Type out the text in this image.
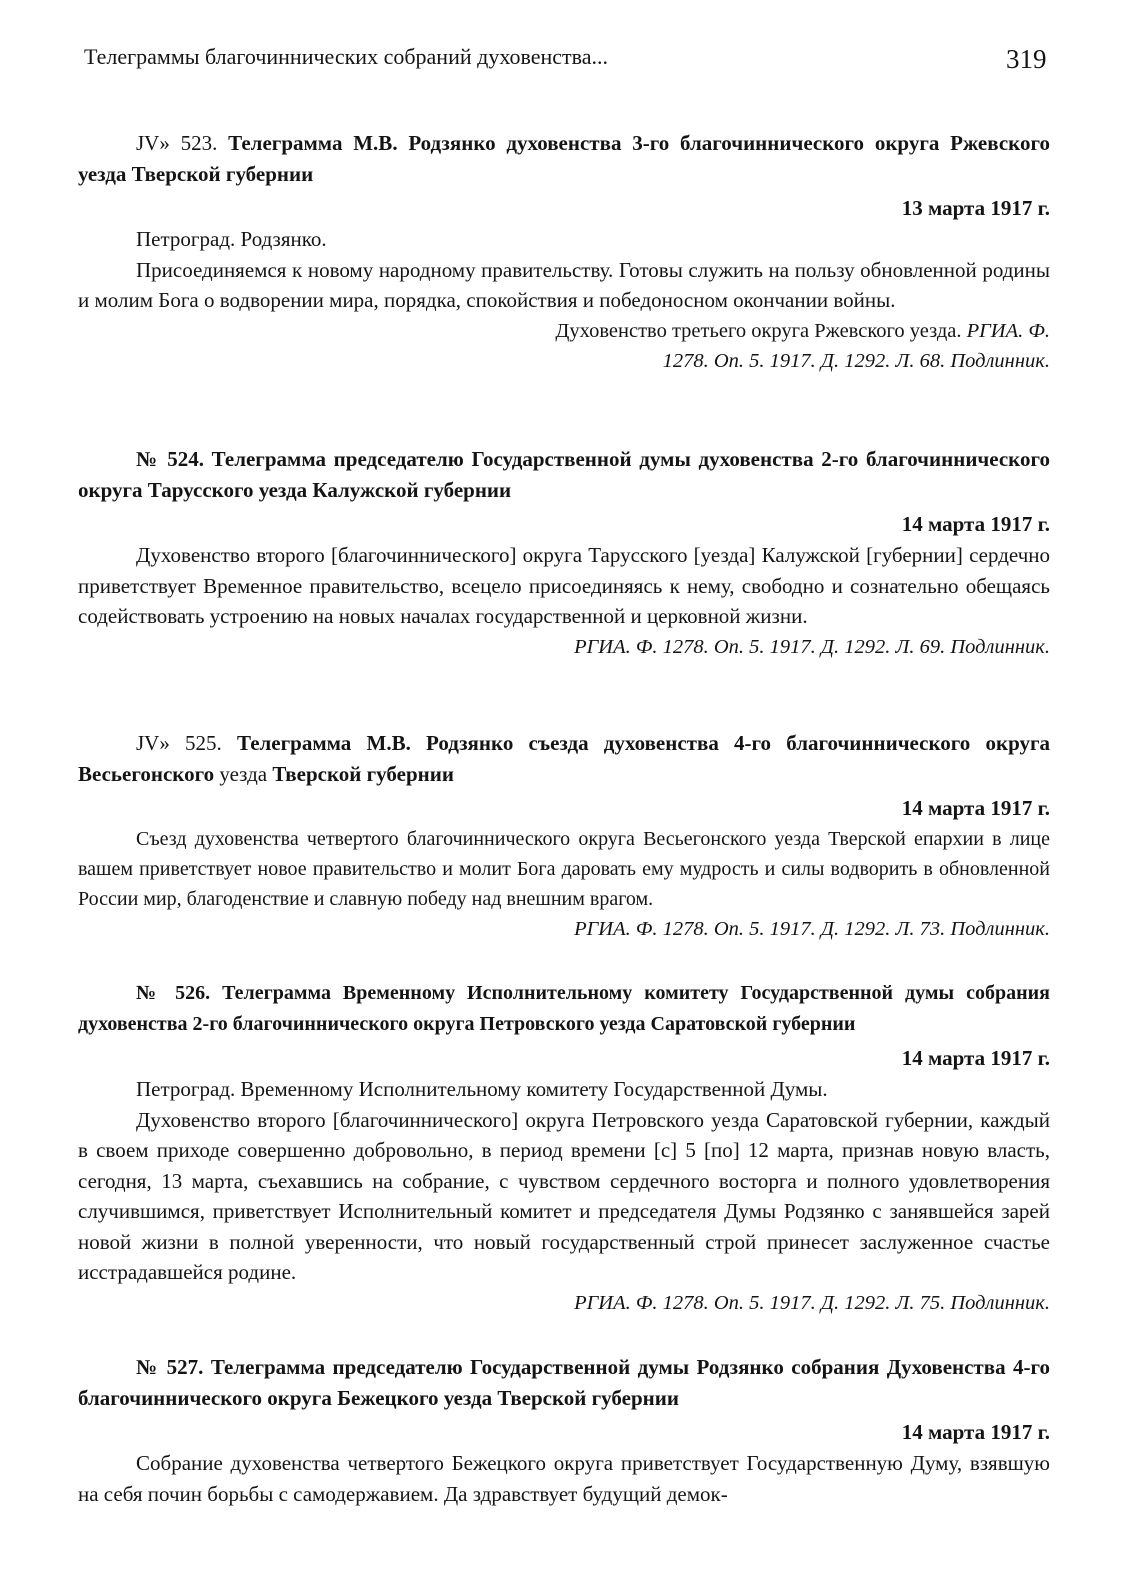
Телеграммы благочиннических собраний духовенства...	319

JV» 523. Телеграмма М.В. Родзянко духовенства 3-го благочиннического округа Ржевского уезда Тверской губернии

13 марта 1917 г.

Петроград. Родзянко.

Присоединяемся к новому народному правительству. Готовы служить на пользу обновленной родины и молим Бога о водворении мира, порядка, спокойствия и победоносном окончании войны.

Духовенство третьего округа Ржевского уезда. РГИА. Ф.

1278. Оп. 5. 1917. Д. 1292. Л. 68. Подлинник.

№ 524. Телеграмма председателю Государственной думы духовенства 2-го благочиннического округа Тарусского уезда Калужской губернии

14 марта 1917 г.

Духовенство второго [благочиннического] округа Тарусского [уезда] Калужской [губернии] сердечно приветствует Временное правительство, всецело присоединяясь к нему, свободно и сознательно обещаясь содействовать устроению на новых началах государственной и церковной жизни.

РГИА. Ф. 1278. Оп. 5. 1917. Д. 1292. Л. 69. Подлинник.

JV» 525. Телеграмма М.В. Родзянко съезда духовенства 4-го благочиннического округа Весьегонского уезда Тверской губернии

14 марта 1917 г.

Съезд духовенства четвертого благочиннического округа Весьегонского уезда Тверской епархии в лице вашем приветствует новое правительство и молит Бога даровать ему мудрость и силы водворить в обновленной России мир, благоденствие и славную победу над внешним врагом.

РГИА. Ф. 1278. Оп. 5. 1917. Д. 1292. Л. 73. Подлинник.

№ 526. Телеграмма Временному Исполнительному комитету Государственной думы собрания духовенства 2-го благочиннического округа Петровского уезда Саратовской губернии

14 марта 1917 г.

Петроград. Временному Исполнительному комитету Государственной Думы.

Духовенство второго [благочиннического] округа Петровского уезда Саратовской губернии, каждый в своем приходе совершенно добровольно, в период времени [с] 5 [по] 12 марта, признав новую власть, сегодня, 13 марта, съехавшись на собрание, с чувством сердечного восторга и полного удовлетворения случившимся, приветствует Исполнительный комитет и председателя Думы Родзянко с занявшейся зарей новой жизни в полной уверенности, что новый государственный строй принесет заслуженное счастье исстрадавшейся родине.

РГИА. Ф. 1278. Оп. 5. 1917. Д. 1292. Л. 75. Подлинник.

№ 527. Телеграмма председателю Государственной думы Родзянко собрания Духовенства 4-го благочиннического округа Бежецкого уезда Тверской губернии

14 марта 1917 г.

Собрание духовенства четвертого Бежецкого округа приветствует Государственную Думу, взявшую на себя почин борьбы с самодержавием. Да здравствует будущий демок-
